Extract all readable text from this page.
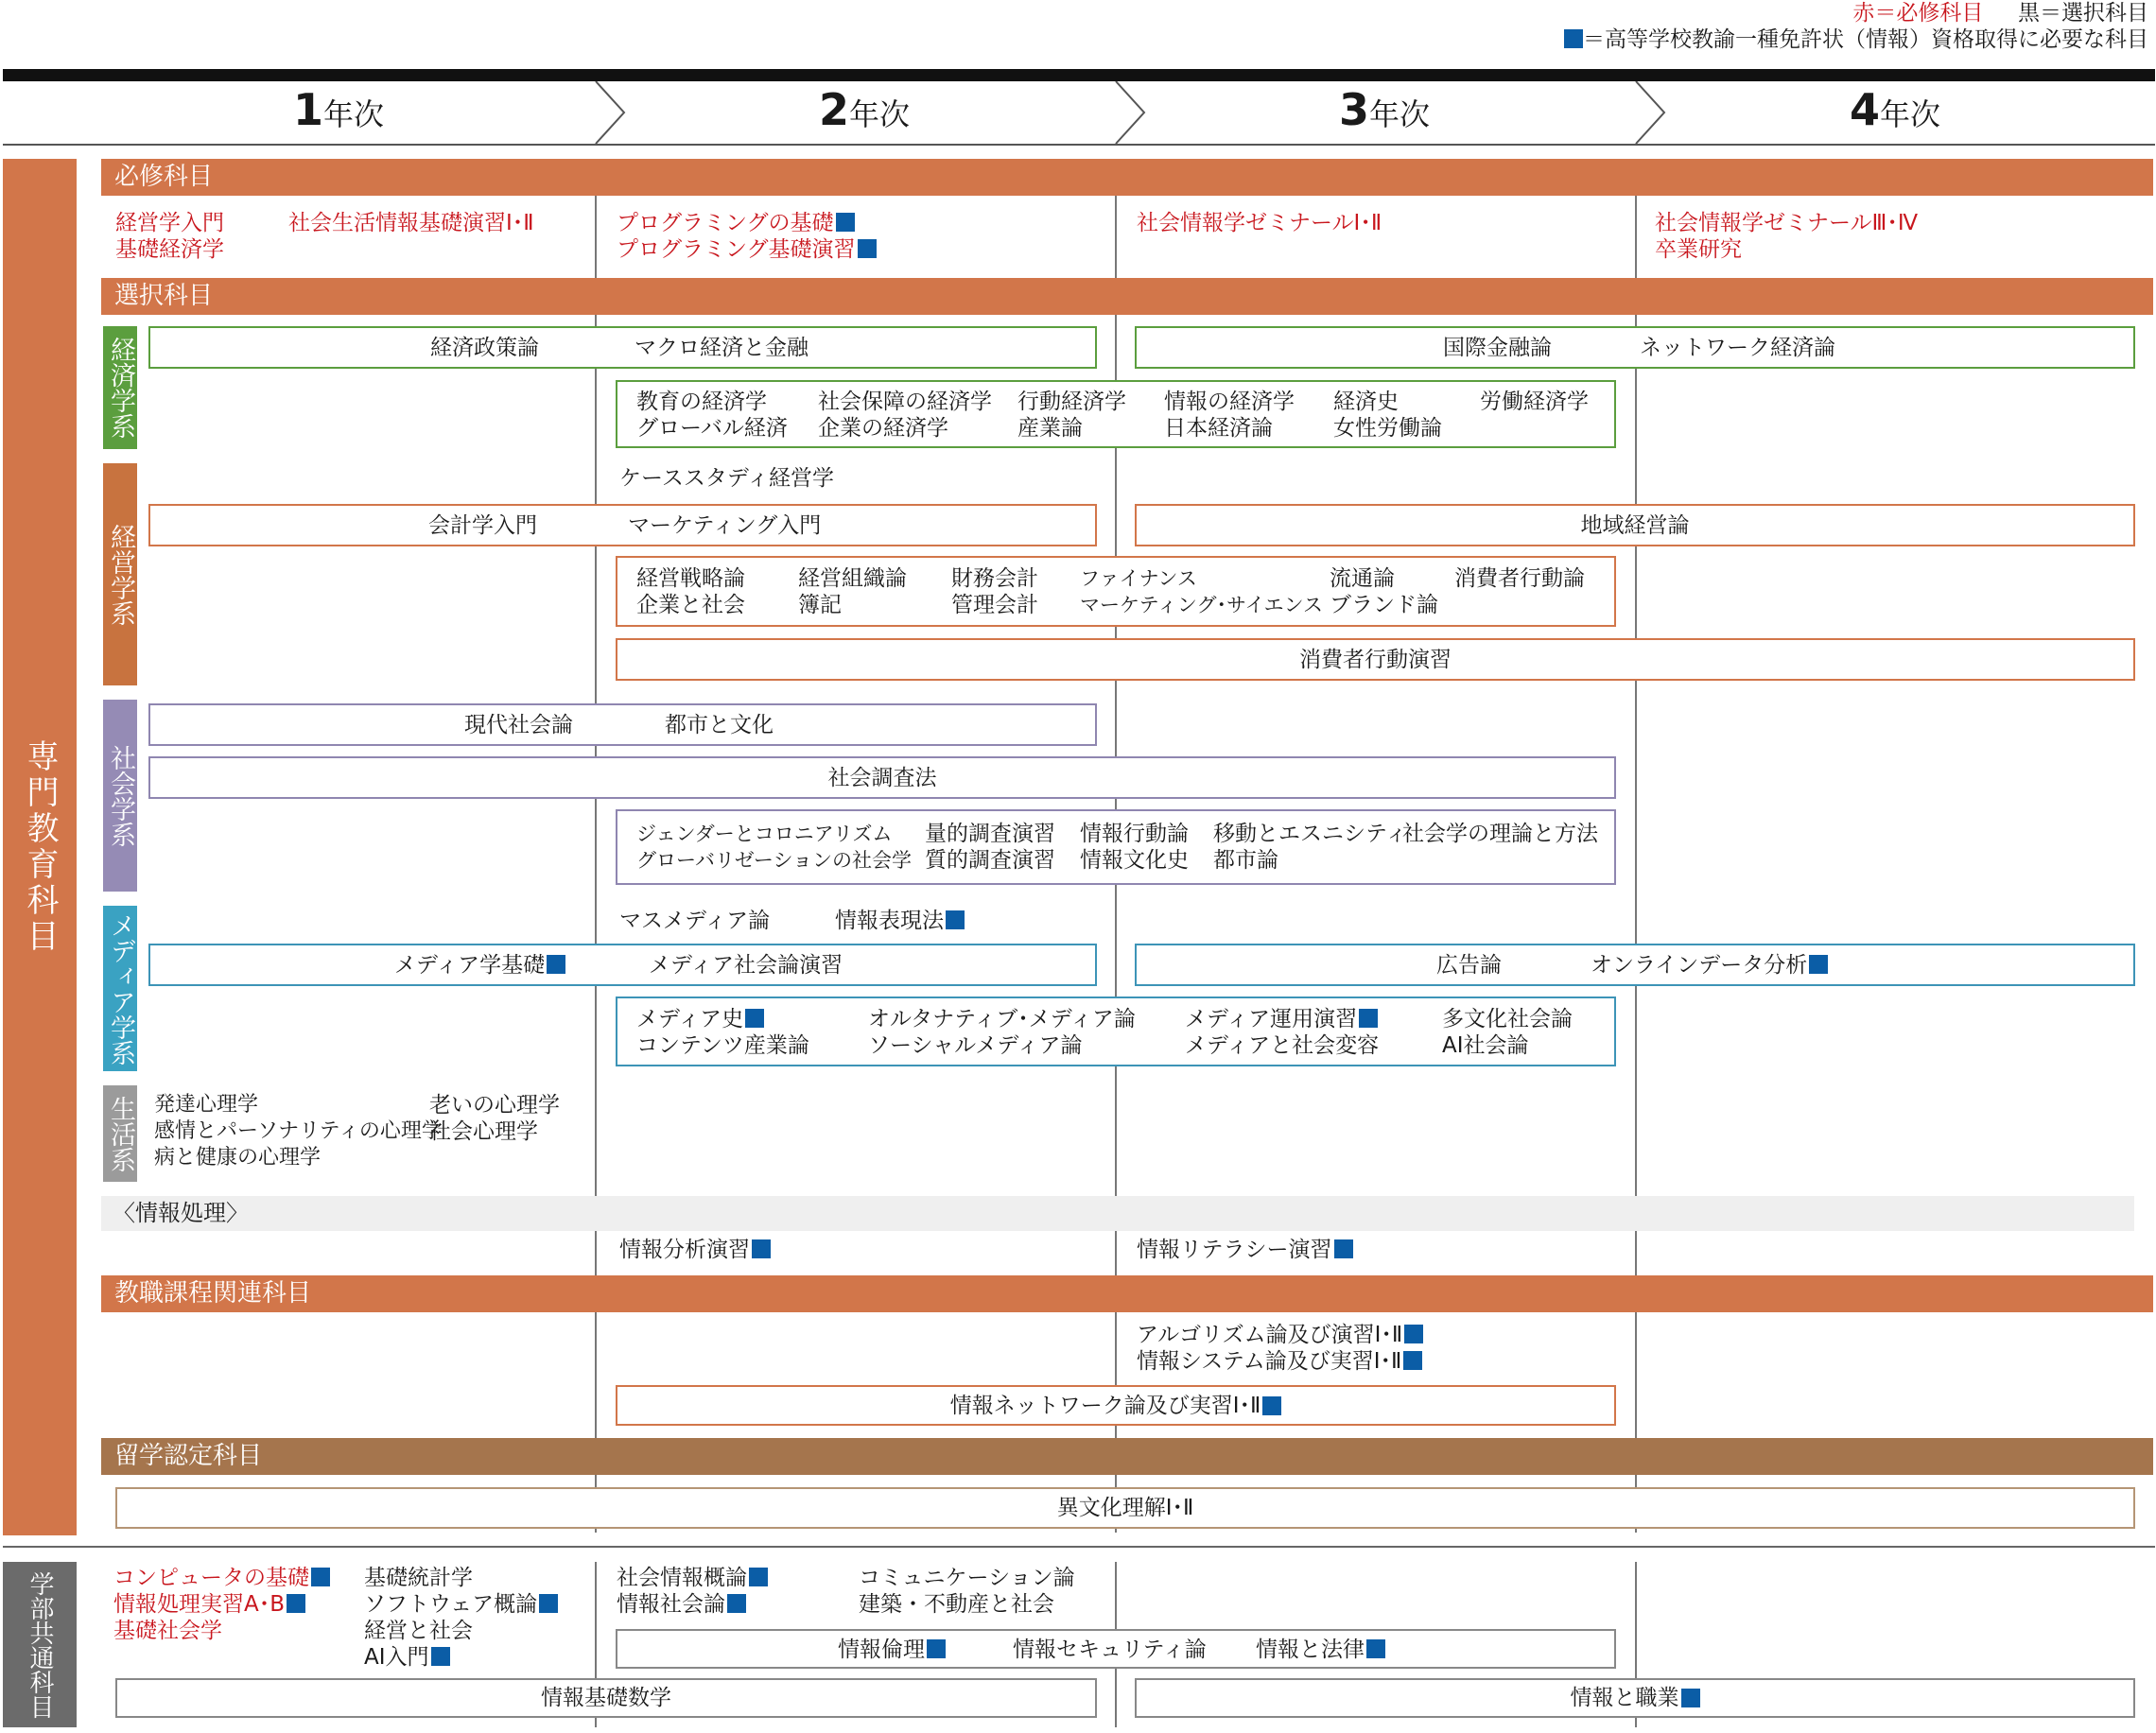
赤＝必修科目 黒＝選択科目
＝高等学校教諭一種免許状（情報）資格取得に必要な科目
1年次	2年次	3年次	4年次
専門教育科目
学部共通科目
必修科目
経営学入門
基礎経済学
社会生活情報基礎演習Ⅰ･Ⅱ	プログラミングの基礎
プログラミング基礎演習
社会情報学ゼミナールⅠ･Ⅱ	社会情報学ゼミナールⅢ･Ⅳ
卒業研究
選択科目
経済学系
経営学系
社会学系
メディア学系
生活系
経済政策論	マクロ経済と金融	国際金融論	ネットワーク経済論
教育の経済学
グローバル経済
社会保障の経済学
企業の経済学
行動経済学
産業論
情報の経済学
日本経済論
経済史
女性労働論
労働経済学
ケーススタディ経営学
会計学入門	マーケティング入門	地域経営論
経営戦略論
企業と社会
経営組織論
簿記
財務会計
管理会計
ファイナンス
マーケティング･サイエンス
流通論
ブランド論
消費者行動論
消費者行動演習
現代社会論	都市と文化
社会調査法
ジェンダーとコロニアリズム
グローバリゼーションの社会学
量的調査演習
質的調査演習
情報行動論
情報文化史
移動とエスニシティ
都市論
社会学の理論と方法
マスメディア論	情報表現法
メディア学基礎	メディア社会論演習	広告論	オンラインデータ分析
メディア史
コンテンツ産業論
オルタナティブ･メディア論
ソーシャルメディア論
メディア運用演習
メディアと社会変容
多文化社会論
AI社会論
発達心理学
感情とパーソナリティの心理学
病と健康の心理学
老いの心理学
社会心理学
〈情報処理〉
情報分析演習	情報リテラシー演習
教職課程関連科目
アルゴリズム論及び演習Ⅰ･Ⅱ
情報システム論及び実習Ⅰ･Ⅱ
情報ネットワーク論及び実習Ⅰ･Ⅱ
留学認定科目
異文化理解Ⅰ･Ⅱ
コンピュータの基礎
情報処理実習A･B
基礎社会学
基礎統計学
ソフトウェア概論
経営と社会
AI入門
社会情報概論
情報社会論
コミュニケーション論
建築・不動産と社会
情報倫理	情報セキュリティ論 情報と法律
情報基礎数学	情報と職業
